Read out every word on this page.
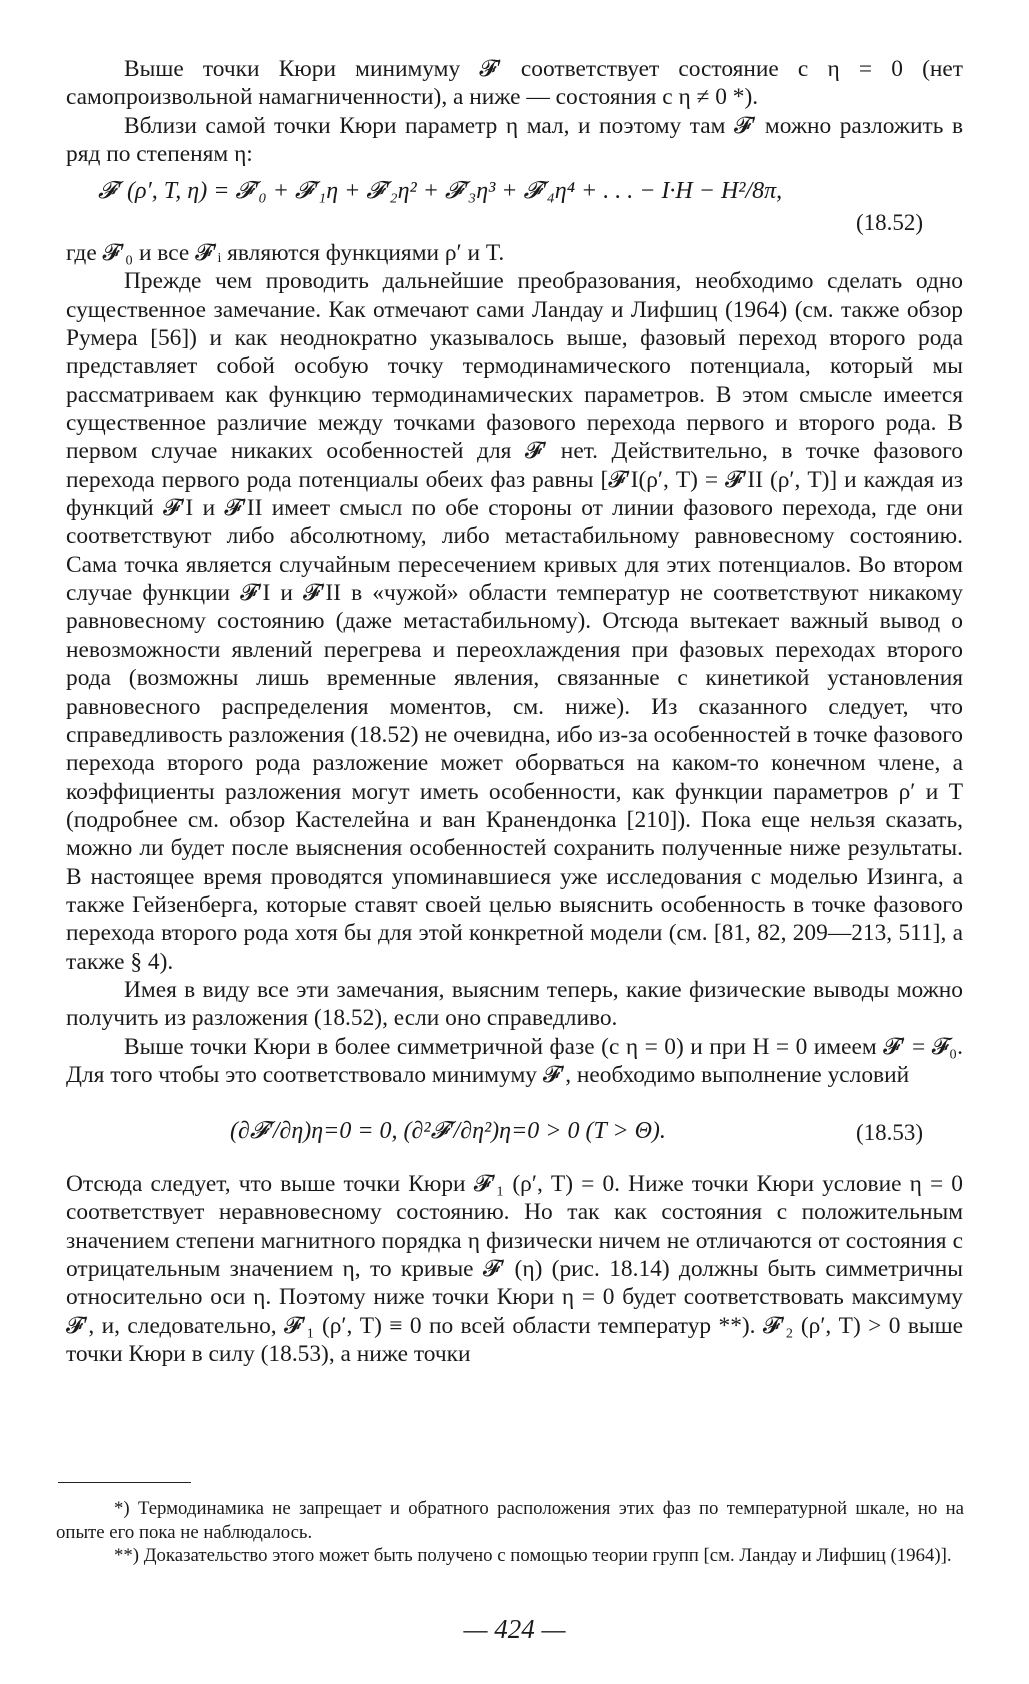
Выше точки Кюри минимуму 𝓕′ соответствует состояние с η = 0 (нет самопроизвольной намагниченности), а ниже — состояния с η ≠ 0 *).

Вблизи самой точки Кюри параметр η мал, и поэтому там 𝓕′ можно разложить в ряд по степеням η:

𝓕′ (ρ′, T, η) = 𝓕′₀ + 𝓕′₁η + 𝓕′₂η² + 𝓕′₃η³ + 𝓕′₄η⁴ + . . . − I·H − H²/8π,
(18.52)

где 𝓕′₀ и все 𝓕′ᵢ являются функциями ρ′ и T.

Прежде чем проводить дальнейшие преобразования, необходимо сделать одно существенное замечание. Как отмечают сами Ландау и Лифшиц (1964) (см. также обзор Румера [56]) и как неоднократно указывалось выше, фазовый переход второго рода представляет собой особую точку термодинамического потенциала, который мы рассматриваем как функцию термодинамических параметров. В этом смысле имеется существенное различие между точками фазового перехода первого и второго рода. В первом случае никаких особенностей для 𝓕′ нет. Действительно, в точке фазового перехода первого рода потенциалы обеих фаз равны [𝓕′I(ρ′, T) = 𝓕′II (ρ′, T)] и каждая из функций 𝓕′I и 𝓕′II имеет смысл по обе стороны от линии фазового перехода, где они соответствуют либо абсолютному, либо метастабильному равновесному состоянию. Сама точка является случайным пересечением кривых для этих потенциалов. Во втором случае функции 𝓕′I и 𝓕′II в «чужой» области температур не соответствуют никакому равновесному состоянию (даже метастабильному). Отсюда вытекает важный вывод о невозможности явлений перегрева и переохлаждения при фазовых переходах второго рода (возможны лишь временные явления, связанные с кинетикой установления равновесного распределения моментов, см. ниже). Из сказанного следует, что справедливость разложения (18.52) не очевидна, ибо из-за особенностей в точке фазового перехода второго рода разложение может оборваться на каком-то конечном члене, а коэффициенты разложения могут иметь особенности, как функции параметров ρ′ и T (подробнее см. обзор Кастелейна и ван Кранендонка [210]). Пока еще нельзя сказать, можно ли будет после выяснения особенностей сохранить полученные ниже результаты. В настоящее время проводятся упоминавшиеся уже исследования с моделью Изинга, а также Гейзенберга, которые ставят своей целью выяснить особенность в точке фазового перехода второго рода хотя бы для этой конкретной модели (см. [81, 82, 209—213, 511], а также § 4).

Имея в виду все эти замечания, выясним теперь, какие физические выводы можно получить из разложения (18.52), если оно справедливо.

Выше точки Кюри в более симметричной фазе (с η = 0) и при H = 0 имеем 𝓕′ = 𝓕₀. Для того чтобы это соответствовало минимуму 𝓕′, необходимо выполнение условий

(∂𝓕′/∂η)η=0 = 0, (∂²𝓕′/∂η²)η=0 > 0 (T > Θ).	(18.53)

Отсюда следует, что выше точки Кюри 𝓕′₁ (ρ′, T) = 0. Ниже точки Кюри условие η = 0 соответствует неравновесному состоянию. Но так как состояния с положительным значением степени магнитного порядка η физически ничем не отличаются от состояния с отрицательным значением η, то кривые 𝓕′ (η) (рис. 18.14) должны быть симметричны относительно оси η. Поэтому ниже точки Кюри η = 0 будет соответствовать максимуму 𝓕′, и, следовательно, 𝓕′₁ (ρ′, T) ≡ 0 по всей области температур **). 𝓕′₂ (ρ′, T) > 0 выше точки Кюри в силу (18.53), а ниже точки

*) Термодинамика не запрещает и обратного расположения этих фаз по температурной шкале, но на опыте его пока не наблюдалось.

**) Доказательство этого может быть получено с помощью теории групп [см. Ландау и Лифшиц (1964)].

— 424 —
